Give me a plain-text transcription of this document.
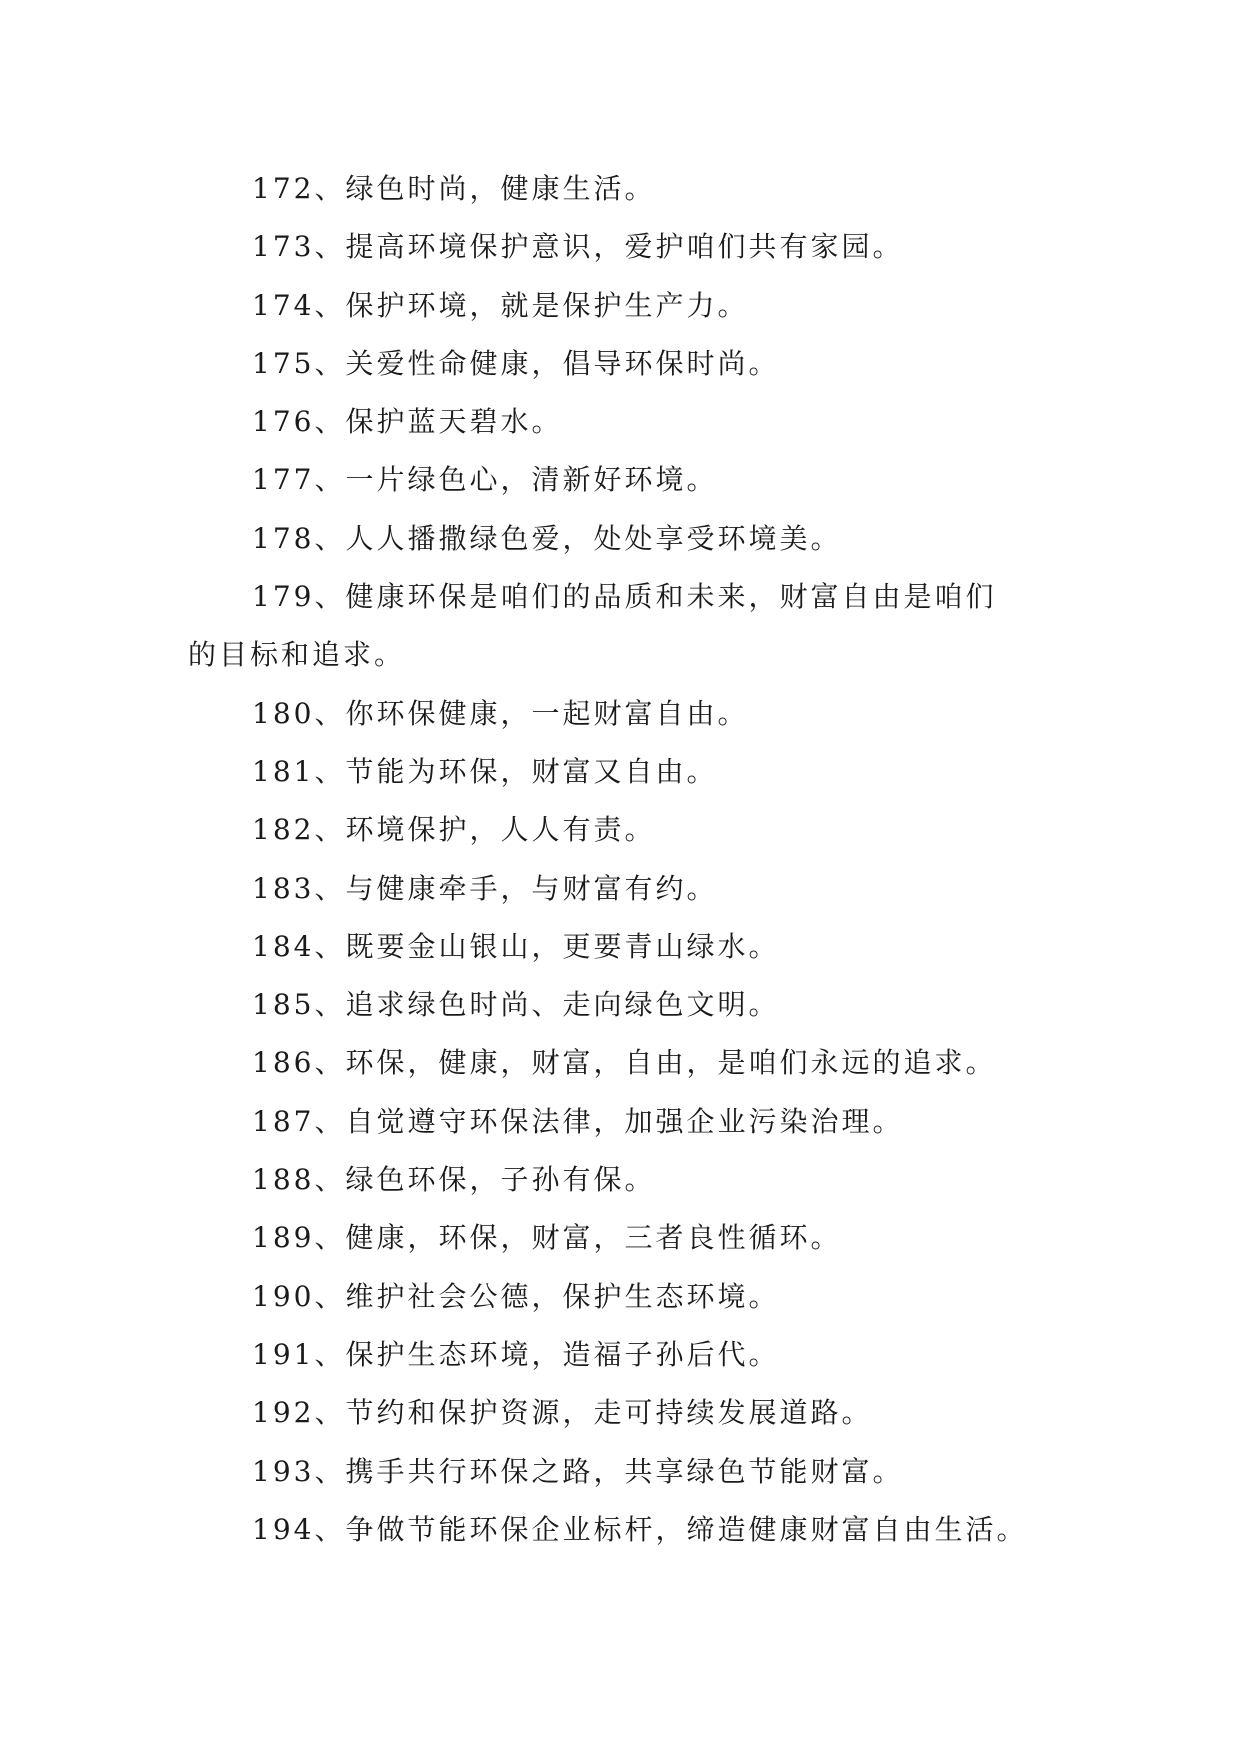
172、绿色时尚，健康生活。
173、提高环境保护意识，爱护咱们共有家园。
174、保护环境，就是保护生产力。
175、关爱性命健康，倡导环保时尚。
176、保护蓝天碧水。
177、一片绿色心，清新好环境。
178、人人播撒绿色爱，处处享受环境美。
179、健康环保是咱们的品质和未来，财富自由是咱们
的目标和追求。
180、你环保健康，一起财富自由。
181、节能为环保，财富又自由。
182、环境保护，人人有责。
183、与健康牵手，与财富有约。
184、既要金山银山，更要青山绿水。
185、追求绿色时尚、走向绿色文明。
186、环保，健康，财富，自由，是咱们永远的追求。
187、自觉遵守环保法律，加强企业污染治理。
188、绿色环保，子孙有保。
189、健康，环保，财富，三者良性循环。
190、维护社会公德，保护生态环境。
191、保护生态环境，造福子孙后代。
192、节约和保护资源，走可持续发展道路。
193、携手共行环保之路，共享绿色节能财富。
194、争做节能环保企业标杆，缔造健康财富自由生活。
